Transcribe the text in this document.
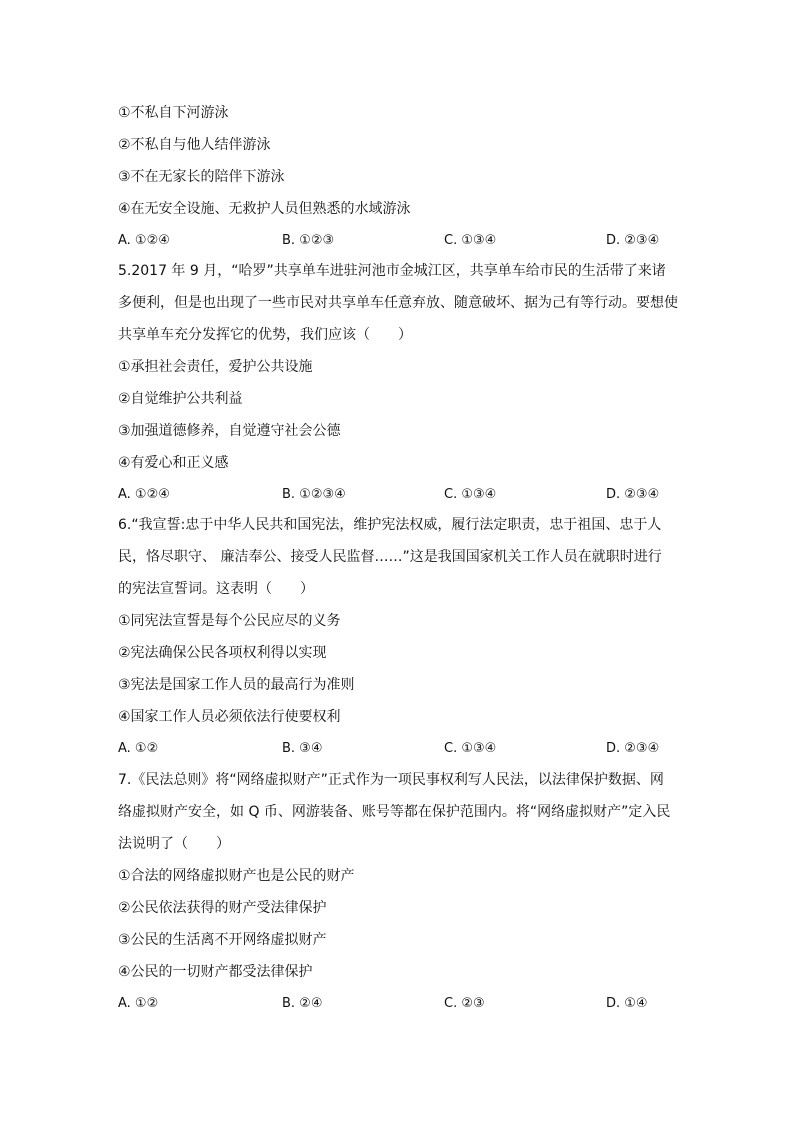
①不私自下河游泳
②不私自与他人结伴游泳
③不在无家长的陪伴下游泳
④在无安全设施、无救护人员但熟悉的水域游泳
A. ①②④	B. ①②③	C. ①③④	D. ②③④
5.2017 年 9 月，“哈罗”共享单车进驻河池市金城江区，共享单车给市民的生活带了来诸
多便利，但是也出现了一些市民对共享单车任意弃放、随意破坏、据为己有等行动。要想使
共享单车充分发挥它的优势，我们应该（　　）
①承担社会责任，爱护公共设施
②自觉维护公共利益
③加强道德修养，自觉遵守社会公德
④有爱心和正义感
A. ①②④	B. ①②③④	C. ①③④	D. ②③④
6.“我宣誓:忠于中华人民共和国宪法，维护宪法权威，履行法定职责，忠于祖国、忠于人
民，恪尽职守、 廉洁奉公、接受人民监督……”这是我国国家机关工作人员在就职时进行
的宪法宣誓词。这表明（　　）
①同宪法宣誓是每个公民应尽的义务
②宪法确保公民各项权利得以实现
③宪法是国家工作人员的最高行为准则
④国家工作人员必须依法行使要权利
A. ①②	B. ③④	C. ①③④	D. ②③④
7.《民法总则》将“网络虚拟财产”正式作为一项民事权利写人民法，以法律保护数据、网
络虚拟财产安全，如 Q 币、网游装备、账号等都在保护范围内。将“网络虚拟财产”定入民
法说明了（　　）
①合法的网络虚拟财产也是公民的财产
②公民依法获得的财产受法律保护
③公民的生活离不开网络虚拟财产
④公民的一切财产都受法律保护
A. ①②	B. ②④	C. ②③	D. ①④
